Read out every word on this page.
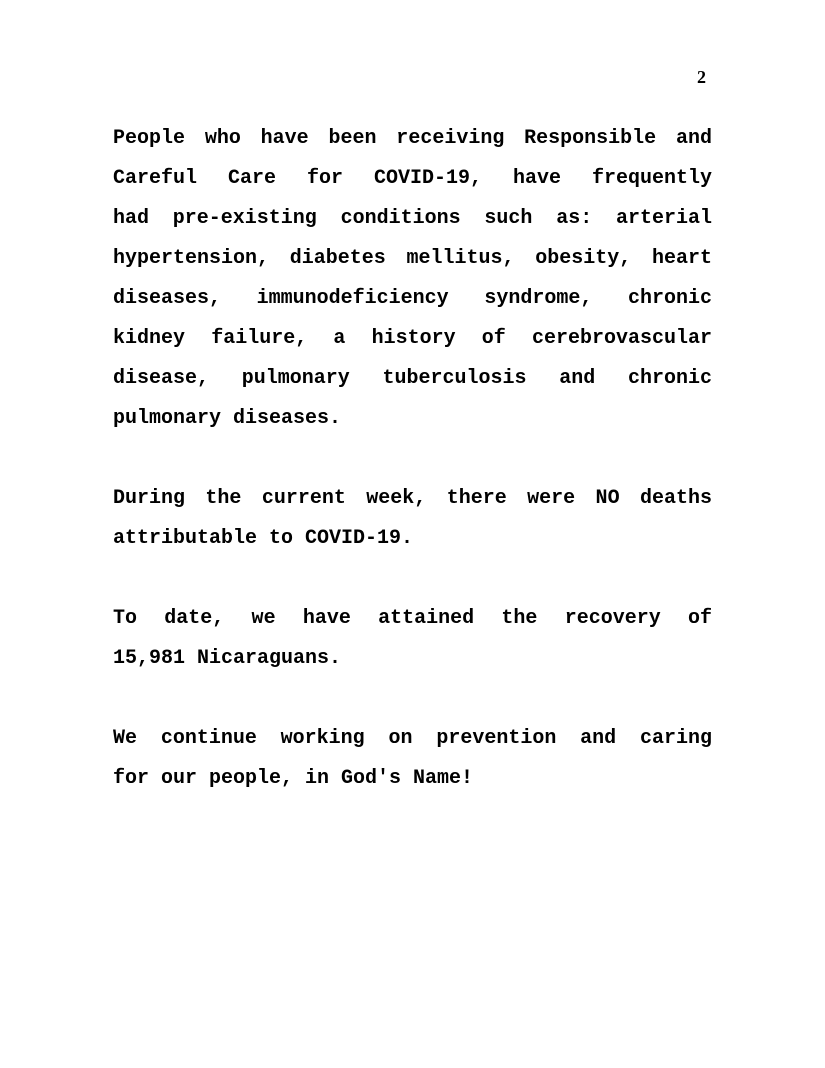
2
People who have been receiving Responsible and
Careful Care for COVID-19, have frequently
had pre-existing conditions such as: arterial
hypertension, diabetes mellitus, obesity, heart
diseases, immunodeficiency syndrome, chronic
kidney failure, a history of cerebrovascular
disease, pulmonary tuberculosis and chronic
pulmonary diseases.
During the current week, there were NO deaths
attributable to COVID-19.
To date, we have attained the recovery of
15,981 Nicaraguans.
We continue working on prevention and caring
for our people, in God's Name!
